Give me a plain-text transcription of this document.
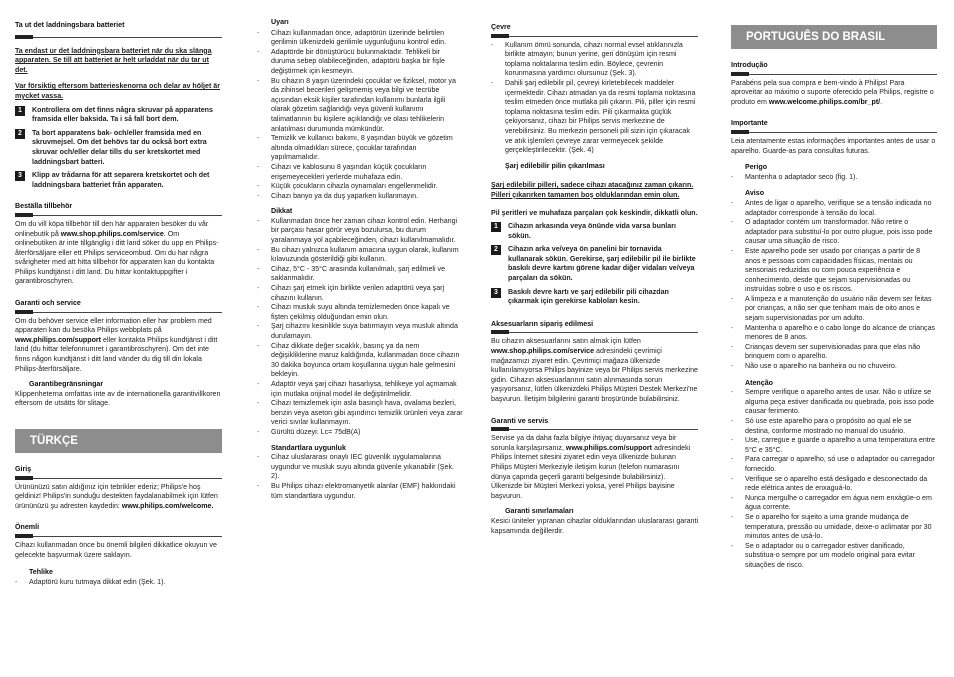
Ta ut det laddningsbara batteriet
Ta endast ur det laddningsbara batteriet när du ska slänga apparaten. Se till att batteriet är helt urladdat när du tar ut det.
Var försiktig eftersom batterieskenorna och delar av höljet är mycket vassa.
1	Kontrollera om det finns några skruvar på apparatens framsida eller baksida. Ta i så fall bort dem.
2	Ta bort apparatens bak- och/eller framsida med en skruvmejsel. Om det behövs tar du också bort extra skruvar och/eller delar tills du ser kretskortet med laddningsbart batteri.
3	Klipp av trådarna för att separera kretskortet och det laddningsbara batteriet från apparaten.
Beställa tillbehör
Om du vill köpa tillbehör till den här apparaten besöker du vår onlinebutik på www.shop.philips.com/service. Om onlinebutiken är inte tillgänglig i ditt land söker du upp en Philips-återförsäljare eller ett Philips serviceombud. Om du har några svårigheter med att hitta tillbehör för apparaten kan du kontakta Philips kundtjänst i ditt land. Du hittar kontaktuppgifter i garantibroschyren.
Garanti och service
Om du behöver service eller information eller har problem med apparaten kan du besöka Philips webbplats på www.philips.com/support eller kontakta Philips kundtjänst i ditt land (du hittar telefonnumret i garantibroschyren). Om det inte finns någon kundtjänst i ditt land vänder du dig till din lokala Philips-återförsäljare.
Garantibegränsningar
Klippenheterna omfattas inte av de internationella garantivillkoren eftersom de utsätts för slitage.
TÜRKÇE
Giriş
Ürününüzü satın aldığınız için tebrikler ederiz; Philips'e hoş geldiniz! Philips'in sunduğu destekten faydalanabilmek için lütfen ürününüzü şu adresten kaydedin: www.philips.com/welcome.
Önemli
Cihazı kullanmadan önce bu önemli bilgileri dikkatlice okuyun ve gelecekte başvurmak üzere saklayın.
Tehlike
-	Adaptörü kuru tutmaya dikkat edin (Şek. 1).
Uyarı
-	Cihazı kullanmadan önce, adaptörün üzerinde belirtilen gerilimin ülkenizdeki gerilimle uygunluğunu kontrol edin.
-	Adaptörde bir dönüştürücü bulunmaktadır. Tehlikeli bir duruma sebep olabileceğinden, adaptörü başka bir fişle değiştirmek için kesmeyin.
-	Bu cihazın 8 yaşın üzerindeki çocuklar ve fiziksel, motor ya da zihinsel becerileri gelişmemiş veya bilgi ve tecrübe açısından eksik kişiler tarafından kullanımı bunlarla ilgili olarak gözetim sağlandığı veya güvenli kullanımı talimatlarının bu kişilere açıklandığı ve olası tehlikelerin anlatılması durumunda mümkündür.
-	Temizlik ve kullanıcı bakımı, 8 yaşından büyük ve gözetim altında olmadıkları sürece, çocuklar tarafından yapılmamalıdır.
-	Cihazı ve kablosunu 8 yaşından küçük çocukların erişemeyecekleri yerlerde muhafaza edin.
-	Küçük çocukların cihazla oynamaları engellenmelidir.
-	Cihazı banyo ya da duş yaparken kullanmayın.
Dikkat
-	Kullanmadan önce her zaman cihazı kontrol edin. Herhangi bir parçası hasar görür veya bozulursa, bu durum yaralanmaya yol açabileceğinden, cihazı kullanılmamalıdır.
-	Bu cihazı yalnızca kullanım amacına uygun olarak, kullanım kılavuzunda gösterildiği gibi kullanın.
-	Cihaz, 5°C - 35°C arasında kullanılmalı, şarj edilmeli ve saklanmalıdır.
-	Cihazı şarj etmek için birlikte verilen adaptörü veya şarj cihazını kullanın.
-	Cihazı musluk suyu altında temizlemeden önce kapalı ve fişten çekilmiş olduğundan emin olun.
-	Şarj cihazını kesinlikle suya batırmayın veya musluk altında durulamayın.
-	Cihaz dikkate değer sıcaklık, basınç ya da nem değişikliklerine maruz kaldığında, kullanmadan önce cihazın 30 dakika boyunca ortam koşullarına uygun hale gelmesini bekleyin.
-	Adaptör veya şarj cihazı hasarlıysa, tehlikeye yol açmamak için mutlaka orijinal model ile değiştirilmelidir.
-	Cihazı temizlemek için asla basınçlı hava, ovalama bezleri, benzin veya aseton gibi aşındırıcı temizlik ürünleri veya zarar verici sıvılar kullanmayın.
-	Gürültü düzeyi: Lc= 75dB(A)
Standartlara uygunluk
-	Cihaz uluslararası onaylı IEC güvenlik uygulamalarına uygundur ve musluk suyu altında güvenle yıkanabilir (Şek. 2).
-	Bu Philips cihazı elektromanyetik alanlar (EMF) hakkındaki tüm standartlara uygundur.
Çevre
-	Kullanım ömrü sonunda, cihazı normal evsel atıklarınızla birlikte atmayın; bunun yerine, geri dönüşüm için resmi toplama noktalarına teslim edin. Böylece, çevrenin korunmasına yardımcı olursunuz (Şek. 3).
-	Dahili şarj edilebilir pil, çevreyi kirletebilecek maddeler içermektedir. Cihazı atmadan ya da resmi toplama noktasına teslim etmeden önce mutlaka pili çıkarın. Pili, piller için resmi toplama noktasına teslim edin. Pili çıkarmakta güçlük çekiyorsanız, cihazı bir Philips servis merkezine de verebilirsiniz. Bu merkezin personeli pili sizin için çıkaracak ve atık işlemleri çevreye zarar vermeyecek şekilde gerçekleştirilecektir. (Şek. 4)
Şarj edilebilir pilin çıkarılması
Şarj edilebilir pilleri, sadece cihazı atacağınız zaman çıkarın. Pilleri çıkarırken tamamen boş olduklarından emin olun.
Pil şeritleri ve muhafaza parçaları çok keskindir, dikkatli olun.
1	Cihazın arkasında veya önünde vida varsa bunları sökün.
2	Cihazın arka ve/veya ön panelini bir tornavida kullanarak sökün. Gerekirse, şarj edilebilir pil ile birlikte baskılı devre kartını görene kadar diğer vidaları ve/veya parçaları da sökün.
3	Baskılı devre kartı ve şarj edilebilir pili cihazdan çıkarmak için gerekirse kabloları kesin.
Aksesuarların sipariş edilmesi
Bu cihazın aksesuarlarını satın almak için lütfen www.shop.philips.com/service adresindeki çevrimiçi mağazamızı ziyaret edin. Çevrimiçi mağaza ülkenizde kullanılamıyorsa Philips bayinize veya bir Philips servis merkezine gidin. Cihazın aksesuarlarının satın alınmasında sorun yaşıyorsanız, lütfen ülkenizdeki Philips Müşteri Destek Merkezi'ne başvurun. İletişim bilgilerini garanti broşüründe bulabilirsiniz.
Garanti ve servis
Servise ya da daha fazla bilgiye ihtiyaç duyarsanız veya bir sorunla karşılaşırsanız, www.philips.com/support adresindeki Philips İnternet sitesini ziyaret edin veya ülkenizde bulunan Philips Müşteri Merkeziyle iletişim kurun (telefon numarasını dünya çapında geçerli garanti belgesinde bulabilirsiniz). Ülkenizde bir Müşteri Merkezi yoksa, yerel Philips bayisine başvurun.
Garanti sınırlamaları
Kesici üniteler yıpranan cihazlar olduklarından uluslararası garanti kapsamında değillerdir.
PORTUGUÊS DO BRASIL
Introdução
Parabéns pela sua compra e bem-vindo à Philips! Para aproveitar ao máximo o suporte oferecido pela Philips, registre o produto em www.welcome.philips.com/br_pt/.
Importante
Leia atentamente estas informações importantes antes de usar o aparelho. Guarde-as para consultas futuras.
Perigo
-	Mantenha o adaptador seco (fig. 1).
Aviso
-	Antes de ligar o aparelho, verifique se a tensão indicada no adaptador corresponde à tensão do local.
-	O adaptador contém um transformador. Não retire o adaptador para substituí-lo por outro plugue, pois isso pode causar uma situação de risco.
-	Este aparelho pode ser usado por crianças a partir de 8 anos e pessoas com capacidades físicas, mentais ou sensoriais reduzidas ou com pouca experiência e conhecimento, desde que sejam supervisionadas ou instruídas sobre o uso e os riscos.
-	A limpeza e a manutenção do usuário não devem ser feitas por crianças, a não ser que tenham mais de oito anos e sejam supervisionadas por um adulto.
-	Mantenha o aparelho e o cabo longe do alcance de crianças menores de 8 anos.
-	Crianças devem ser supervisionadas para que elas não brinquem com o aparelho.
-	Não use o aparelho na banheira ou no chuveiro.
Atenção
-	Sempre verifique o aparelho antes de usar. Não o utilize se alguma peça estiver danificada ou quebrada, pois isso pode causar ferimento.
-	Só use este aparelho para o propósito ao qual ele se destina, conforme mostrado no manual do usuário.
-	Use, carregue e guarde o aparelho a uma temperatura entre 5°C e 35°C.
-	Para carregar o aparelho, só use o adaptador ou carregador fornecido.
-	Verifique se o aparelho está desligado e desconectado da rede elétrica antes de enxaguá-lo.
-	Nunca mergulhe o carregador em água nem enxágüe-o em água corrente.
-	Se o aparelho for sujeito a uma grande mudança de temperatura, pressão ou umidade, deixe-o aclimatar por 30 minutos antes de usá-lo.
-	Se o adaptador ou o carregador estiver danificado, substitua-o sempre por um modelo original para evitar situações de risco.
